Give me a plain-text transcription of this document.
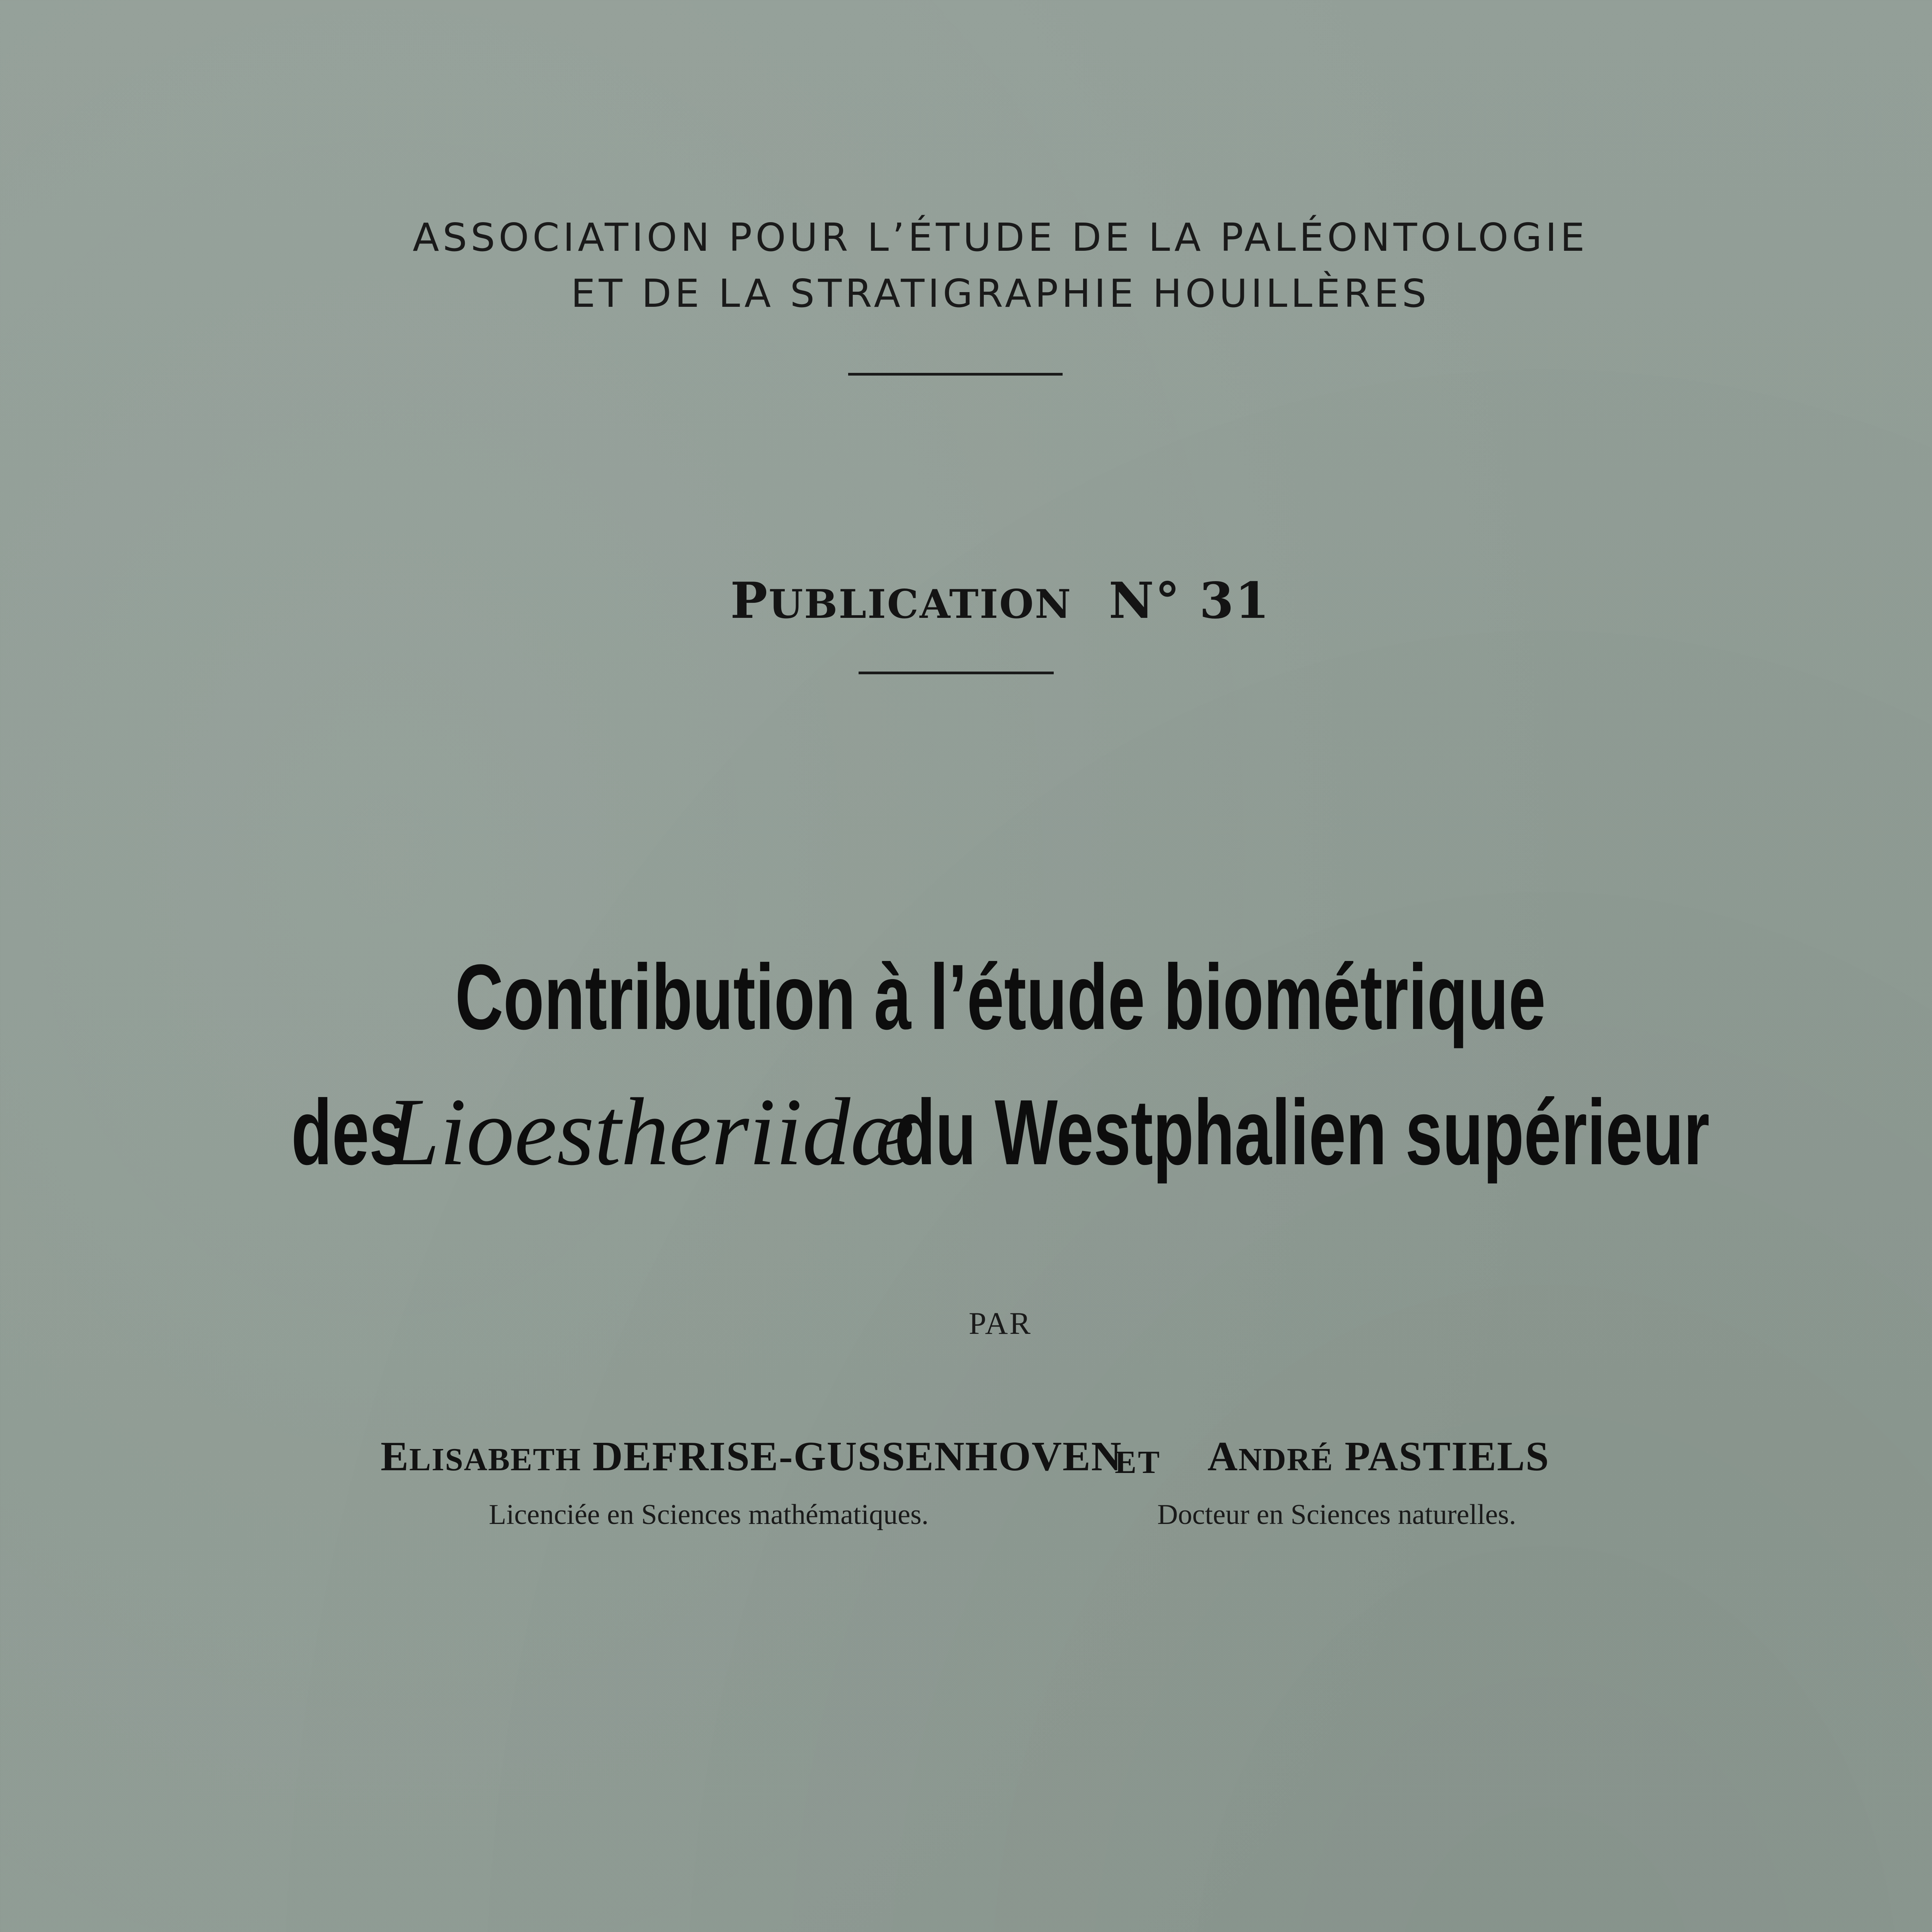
ASSOCIATION POUR L’ÉTUDE DE LA PALÉONTOLOGIE
ET DE LA STRATIGRAPHIE HOUILLÈRES
PUBLICATION N° 31
Contribution à l’étude biométrique
desLioestheriidædu Westphalien supérieur
PAR
ELISABETH DEFRISE-GUSSENHOVEN
ET ANDRÉ PASTIELS
Licenciée en Sciences mathématiques.	Docteur en Sciences naturelles.
